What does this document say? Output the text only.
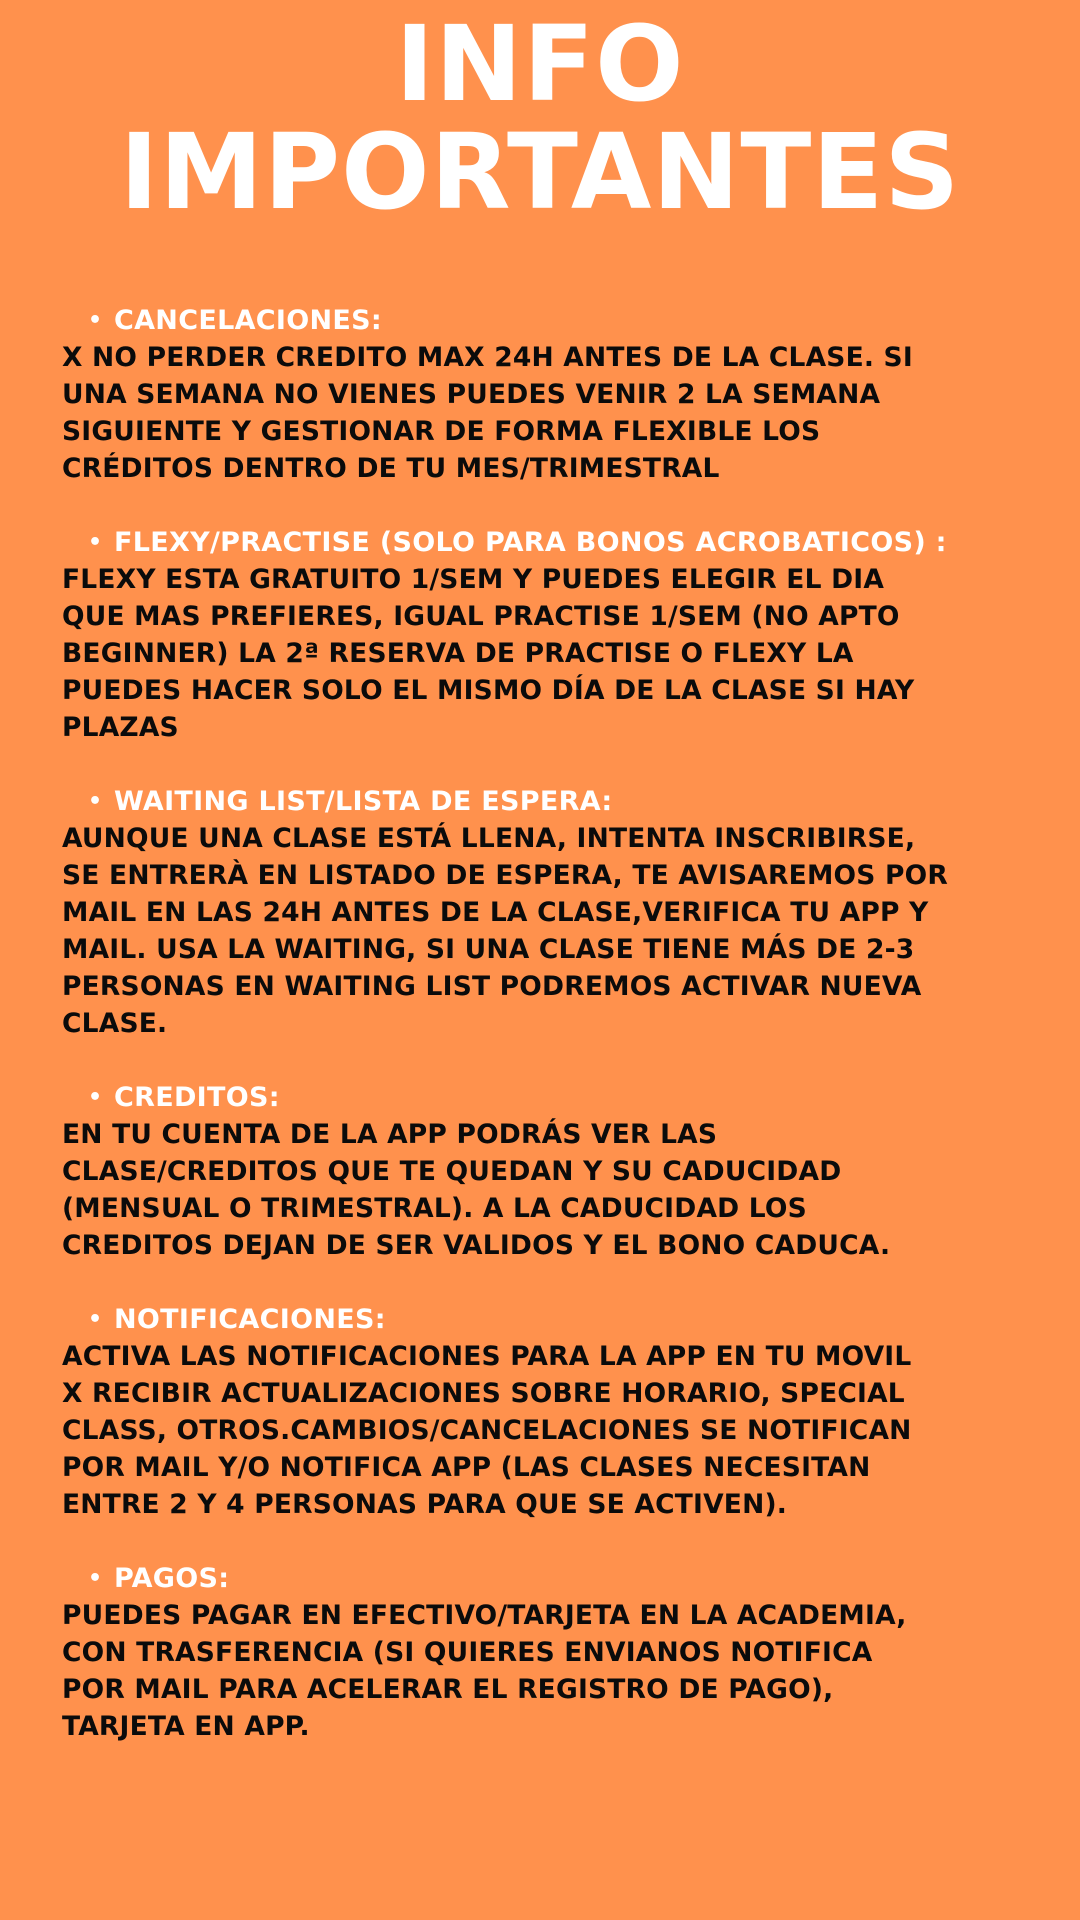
INFO
IMPORTANTES

• CANCELACIONES:

X NO PERDER CREDITO MAX 24H ANTES DE LA CLASE. SI
UNA SEMANA NO VIENES PUEDES VENIR 2 LA SEMANA
SIGUIENTE Y GESTIONAR DE FORMA FLEXIBLE LOS
CRÉDITOS DENTRO DE TU MES/TRIMESTRAL

• FLEXY/PRACTISE (SOLO PARA BONOS ACROBATICOS) :

FLEXY ESTA GRATUITO 1/SEM Y PUEDES ELEGIR EL DIA
QUE MAS PREFIERES, IGUAL PRACTISE 1/SEM (NO APTO
BEGINNER) LA 2ª RESERVA DE PRACTISE O FLEXY LA
PUEDES HACER SOLO EL MISMO DÍA DE LA CLASE SI HAY
PLAZAS

• WAITING LIST/LISTA DE ESPERA:

AUNQUE UNA CLASE ESTÁ LLENA, INTENTA INSCRIBIRSE,
SE ENTRERÀ EN LISTADO DE ESPERA, TE AVISAREMOS POR
MAIL EN LAS 24H ANTES DE LA CLASE,VERIFICA TU APP Y
MAIL. USA LA WAITING, SI UNA CLASE TIENE MÁS DE 2-3
PERSONAS EN WAITING LIST PODREMOS ACTIVAR NUEVA
CLASE.

• CREDITOS:

EN TU CUENTA DE LA APP PODRÁS VER LAS
CLASE/CREDITOS QUE TE QUEDAN Y SU CADUCIDAD
(MENSUAL O TRIMESTRAL). A LA CADUCIDAD LOS
CREDITOS DEJAN DE SER VALIDOS Y EL BONO CADUCA.

• NOTIFICACIONES:

ACTIVA LAS NOTIFICACIONES PARA LA APP EN TU MOVIL
X RECIBIR ACTUALIZACIONES SOBRE HORARIO, SPECIAL
CLASS, OTROS.CAMBIOS/CANCELACIONES SE NOTIFICAN
POR MAIL Y/O NOTIFICA APP (LAS CLASES NECESITAN
ENTRE 2 Y 4 PERSONAS PARA QUE SE ACTIVEN).

• PAGOS:

PUEDES PAGAR EN EFECTIVO/TARJETA EN LA ACADEMIA,
CON TRASFERENCIA (SI QUIERES ENVIANOS NOTIFICA
POR MAIL PARA ACELERAR EL REGISTRO DE PAGO),
TARJETA EN APP.
